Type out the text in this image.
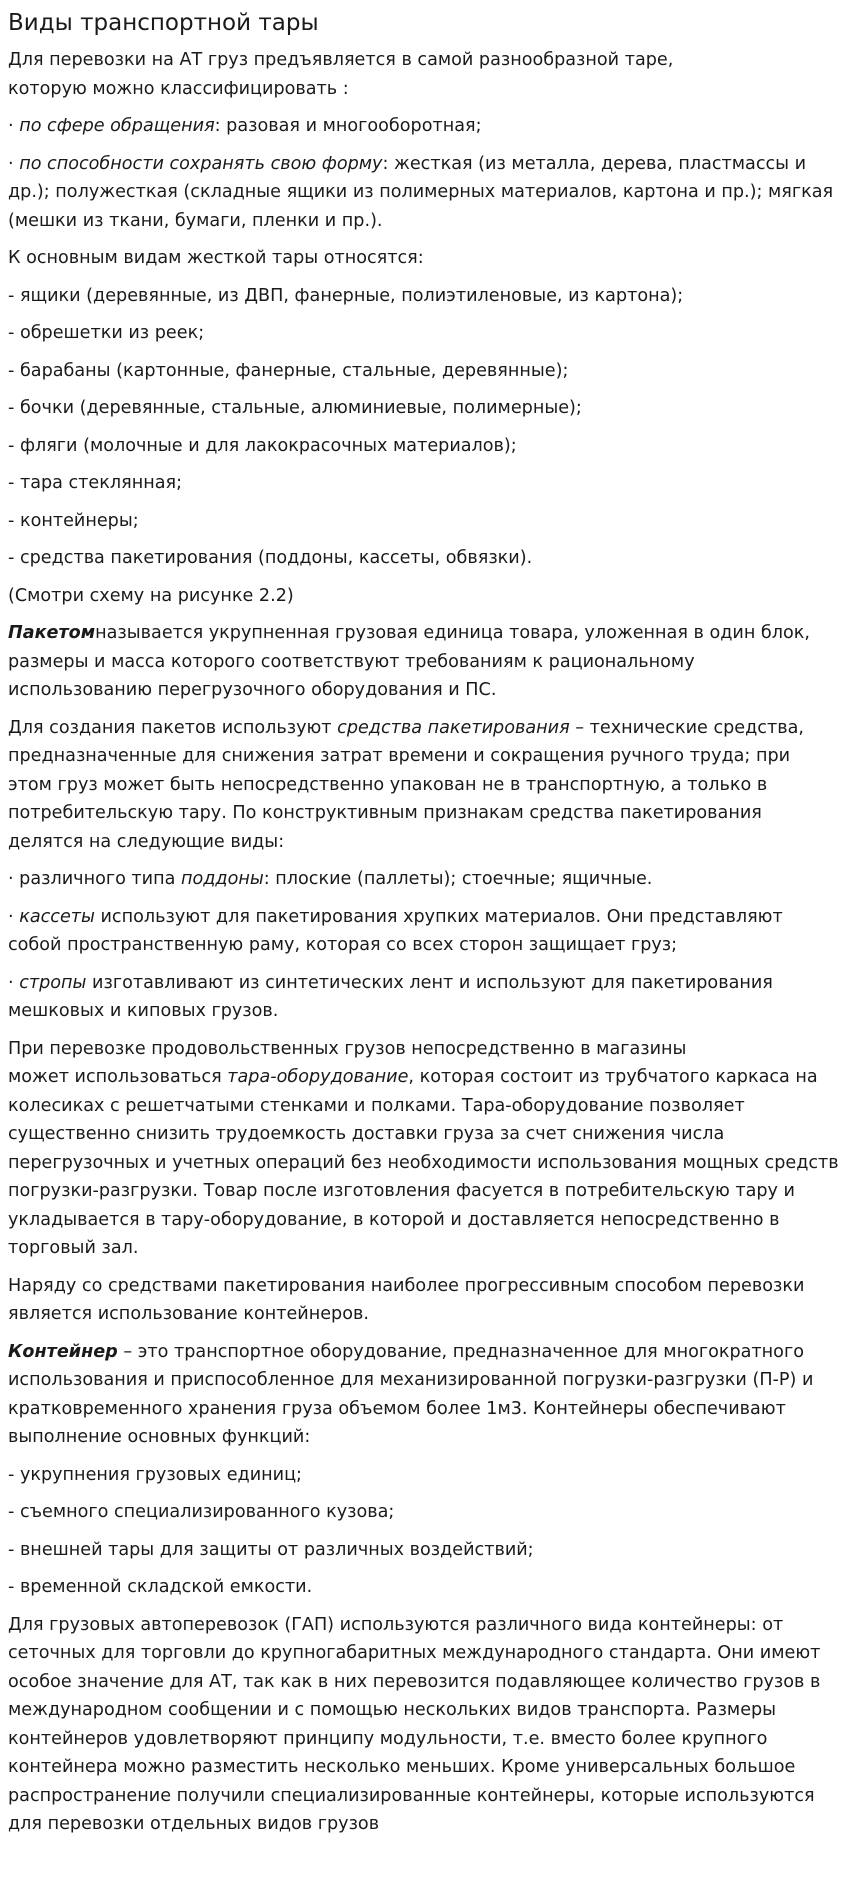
Виды транспортной тары

Для перевозки на АТ груз предъявляется в самой разнообразной таре,
которую можно классифицировать :

· по сфере обращения: разовая и многооборотная;

· по способности сохранять свою форму: жесткая (из металла, дерева, пластмассы и др.); полужесткая (складные ящики из полимерных материалов, картона и пр.); мягкая (мешки из ткани, бумаги, пленки и пр.).

К основным видам жесткой тары относятся:

- ящики (деревянные, из ДВП, фанерные, полиэтиленовые, из картона);

- обрешетки из реек;

- барабаны (картонные, фанерные, стальные, деревянные);

- бочки (деревянные, стальные, алюминиевые, полимерные);

- фляги (молочные и для лакокрасочных материалов);

- тара стеклянная;

- контейнеры;

- средства пакетирования (поддоны, кассеты, обвязки).

(Смотри схему на рисунке 2.2)

Пакетомназывается укрупненная грузовая единица товара, уложенная в один блок, размеры и масса которого соответствуют требованиям к рациональному использованию перегрузочного оборудования и ПС.

Для создания пакетов используют средства пакетирования – технические средства, предназначенные для снижения затрат времени и сокращения ручного труда; при этом груз может быть непосредственно упакован не в транспортную, а только в потребительскую тару. По конструктивным признакам средства пакетирования делятся на следующие виды:

· различного типа поддоны: плоские (паллеты); стоечные; ящичные.

· кассеты используют для пакетирования хрупких материалов. Они представляют собой пространственную раму, которая со всех сторон защищает груз;

· стропы изготавливают из синтетических лент и используют для пакетирования мешковых и киповых грузов.

При перевозке продовольственных грузов непосредственно в магазины
может использоваться тара-оборудование, которая состоит из трубчатого каркаса на колесиках с решетчатыми стенками и полками. Тара-оборудование позволяет существенно снизить трудоемкость доставки груза за счет снижения числа перегрузочных и учетных операций без необходимости использования мощных средств погрузки-разгрузки. Товар после изготовления фасуется в потребительскую тару и укладывается в тару-оборудование, в которой и доставляется непосредственно в торговый зал.

Наряду со средствами пакетирования наиболее прогрессивным способом перевозки является использование контейнеров.

Контейнер – это транспортное оборудование, предназначенное для многократного использования и приспособленное для механизированной погрузки-разгрузки (П-Р) и кратковременного хранения груза объемом более 1м3. Контейнеры обеспечивают выполнение основных функций:

- укрупнения грузовых единиц;

- съемного специализированного кузова;

- внешней тары для защиты от различных воздействий;

- временной складской емкости.

Для грузовых автоперевозок (ГАП) используются различного вида контейнеры: от сеточных для торговли до крупногабаритных международного стандарта. Они имеют особое значение для АТ, так как в них перевозится подавляющее количество грузов в международном сообщении и с помощью нескольких видов транспорта. Размеры контейнеров удовлетворяют принципу модульности, т.е. вместо более крупного контейнера можно разместить несколько меньших. Кроме универсальных большое распространение получили специализированные контейнеры, которые используются для перевозки отдельных видов грузов
